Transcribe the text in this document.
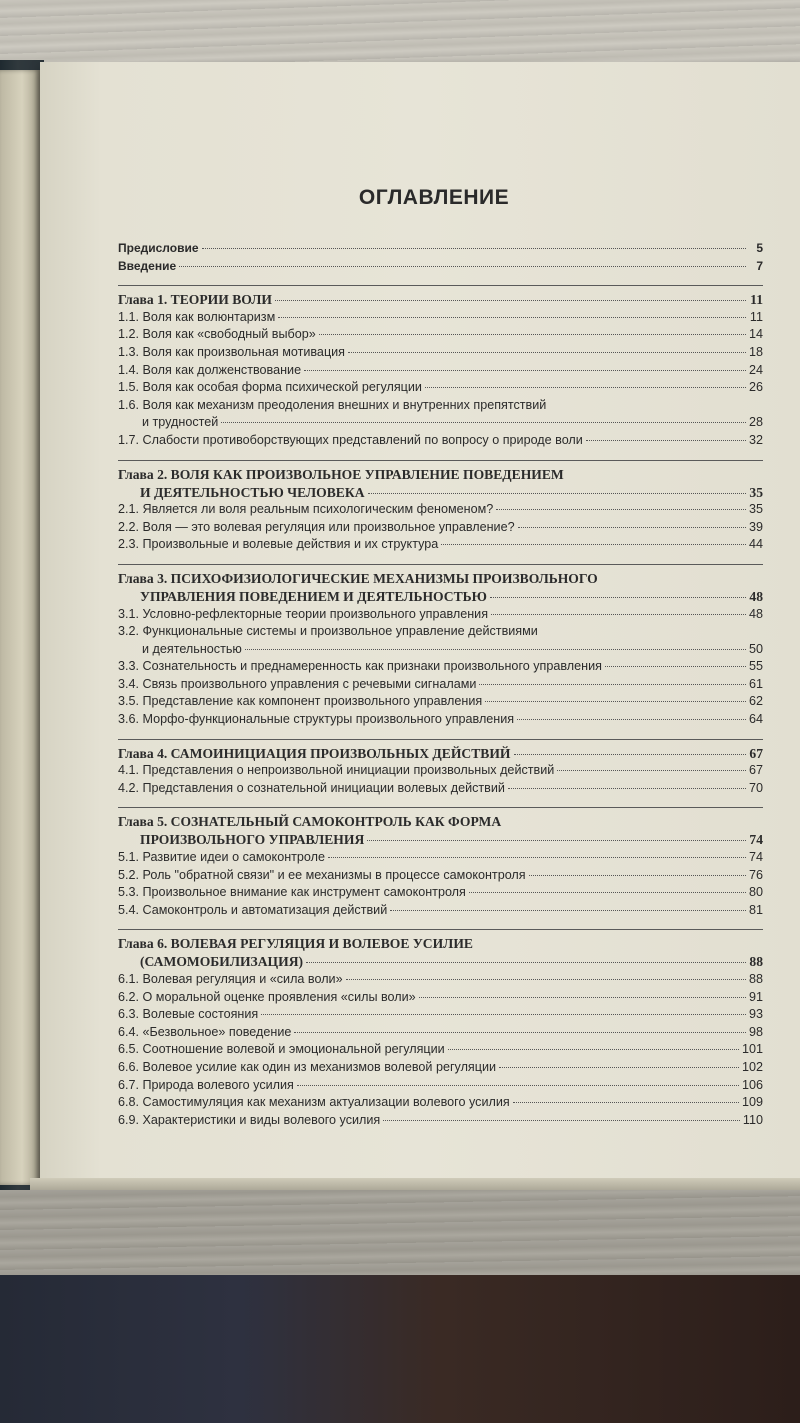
ОГЛАВЛЕНИЕ
Предисловие	5
Введение	7
Глава 1. ТЕОРИИ ВОЛИ	11
1.1. Воля как волюнтаризм	11
1.2. Воля как «свободный выбор»	14
1.3. Воля как произвольная мотивация	18
1.4. Воля как долженствование	24
1.5. Воля как особая форма психической регуляции	26
1.6. Воля как механизм преодоления внешних и внутренних препятствий
и трудностей	28
1.7. Слабости противоборствующих представлений по вопросу о природе воли	32
Глава 2. ВОЛЯ КАК ПРОИЗВОЛЬНОЕ УПРАВЛЕНИЕ ПОВЕДЕНИЕМ
И ДЕЯТЕЛЬНОСТЬЮ ЧЕЛОВЕКА	35
2.1. Является ли воля реальным психологическим феноменом?	35
2.2. Воля — это волевая регуляция или произвольное управление?	39
2.3. Произвольные и волевые действия и их структура	44
Глава 3. ПСИХОФИЗИОЛОГИЧЕСКИЕ МЕХАНИЗМЫ ПРОИЗВОЛЬНОГО
УПРАВЛЕНИЯ ПОВЕДЕНИЕМ И ДЕЯТЕЛЬНОСТЬЮ	48
3.1. Условно-рефлекторные теории произвольного управления	48
3.2. Функциональные системы и произвольное управление действиями
и деятельностью	50
3.3. Сознательность и преднамеренность как признаки произвольного управления	55
3.4. Связь произвольного управления с речевыми сигналами	61
3.5. Представление как компонент произвольного управления	62
3.6. Морфо-функциональные структуры произвольного управления	64
Глава 4. САМОИНИЦИАЦИЯ ПРОИЗВОЛЬНЫХ ДЕЙСТВИЙ	67
4.1. Представления о непроизвольной инициации произвольных действий	67
4.2. Представления о сознательной инициации волевых действий	70
Глава 5. СОЗНАТЕЛЬНЫЙ САМОКОНТРОЛЬ КАК ФОРМА
ПРОИЗВОЛЬНОГО УПРАВЛЕНИЯ	74
5.1. Развитие идеи о самоконтроле	74
5.2. Роль "обратной связи" и ее механизмы в процессе самоконтроля	76
5.3. Произвольное внимание как инструмент самоконтроля	80
5.4. Самоконтроль и автоматизация действий	81
Глава 6. ВОЛЕВАЯ РЕГУЛЯЦИЯ И ВОЛЕВОЕ УСИЛИЕ
(САМОМОБИЛИЗАЦИЯ)	88
6.1. Волевая регуляция и «сила воли»	88
6.2. О моральной оценке проявления «силы воли»	91
6.3. Волевые состояния	93
6.4. «Безвольное» поведение	98
6.5. Соотношение волевой и эмоциональной регуляции	101
6.6. Волевое усилие как один из механизмов волевой регуляции	102
6.7. Природа волевого усилия	106
6.8. Самостимуляция как механизм актуализации волевого усилия	109
6.9. Характеристики и виды волевого усилия	110
